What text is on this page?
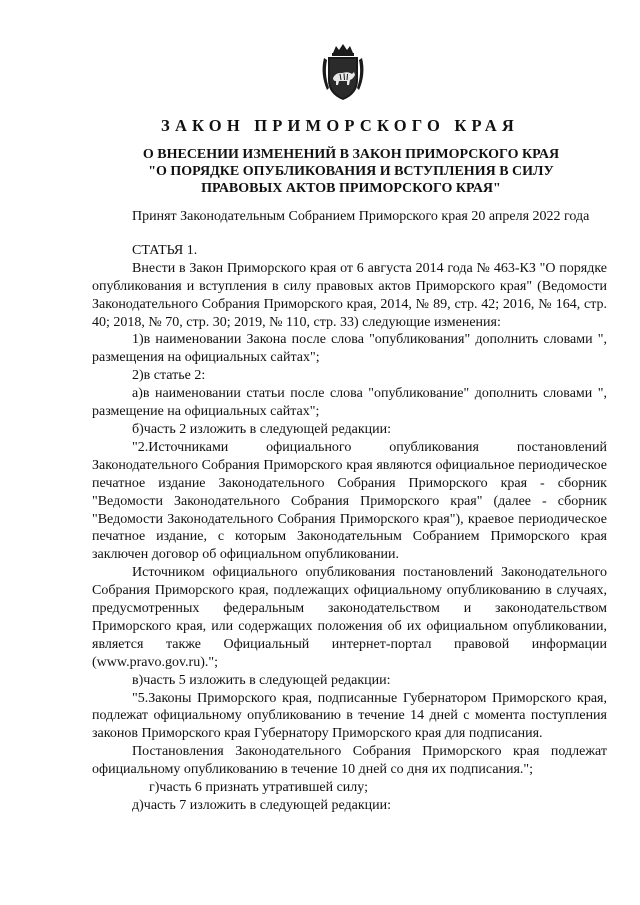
ЗАКОН ПРИМОРСКОГО КРАЯ
О ВНЕСЕНИИ ИЗМЕНЕНИЙ В ЗАКОН ПРИМОРСКОГО КРАЯ
"О ПОРЯДКЕ ОПУБЛИКОВАНИЯ И ВСТУПЛЕНИЯ В СИЛУ
ПРАВОВЫХ АКТОВ ПРИМОРСКОГО КРАЯ"

Принят Законодательным Собранием Приморского края 20 апреля 2022 года

СТАТЬЯ 1.

Внести в Закон Приморского края от 6 августа 2014 года № 463-КЗ "О порядке опубликования и вступления в силу правовых актов Приморского края" (Ведомости Законодательного Собрания Приморского края, 2014, № 89, стр. 42; 2016, № 164, стр. 40; 2018, № 70, стр. 30; 2019, № 110, стр. 33) следующие изменения:

1)в наименовании Закона после слова "опубликования" дополнить словами ", размещения на официальных сайтах";

2)в статье 2:

а)в наименовании статьи после слова "опубликование" дополнить словами ", размещение на официальных сайтах";

б)часть 2 изложить в следующей редакции:

"2.Источниками официального опубликования постановлений Законодательного Собрания Приморского края являются официальное периодическое печатное издание Законодательного Собрания Приморского края - сборник "Ведомости Законодательного Собрания Приморского края" (далее - сборник "Ведомости Законодательного Собрания Приморского края"), краевое периодическое печатное издание, с которым Законодательным Собранием Приморского края заключен договор об официальном опубликовании.

Источником официального опубликования постановлений Законодательного Собрания Приморского края, подлежащих официальному опубликованию в случаях, предусмотренных федеральным законодательством и законодательством Приморского края, или содержащих положения об их официальном опубликовании, является также Официальный интернет-портал правовой информации (www.pravo.gov.ru).";

в)часть 5 изложить в следующей редакции:

"5.Законы Приморского края, подписанные Губернатором Приморского края, подлежат официальному опубликованию в течение 14 дней с момента поступления законов Приморского края Губернатору Приморского края для подписания.

Постановления Законодательного Собрания Приморского края подлежат официальному опубликованию в течение 10 дней со дня их подписания.";

г)часть 6 признать утратившей силу;

д)часть 7 изложить в следующей редакции:
